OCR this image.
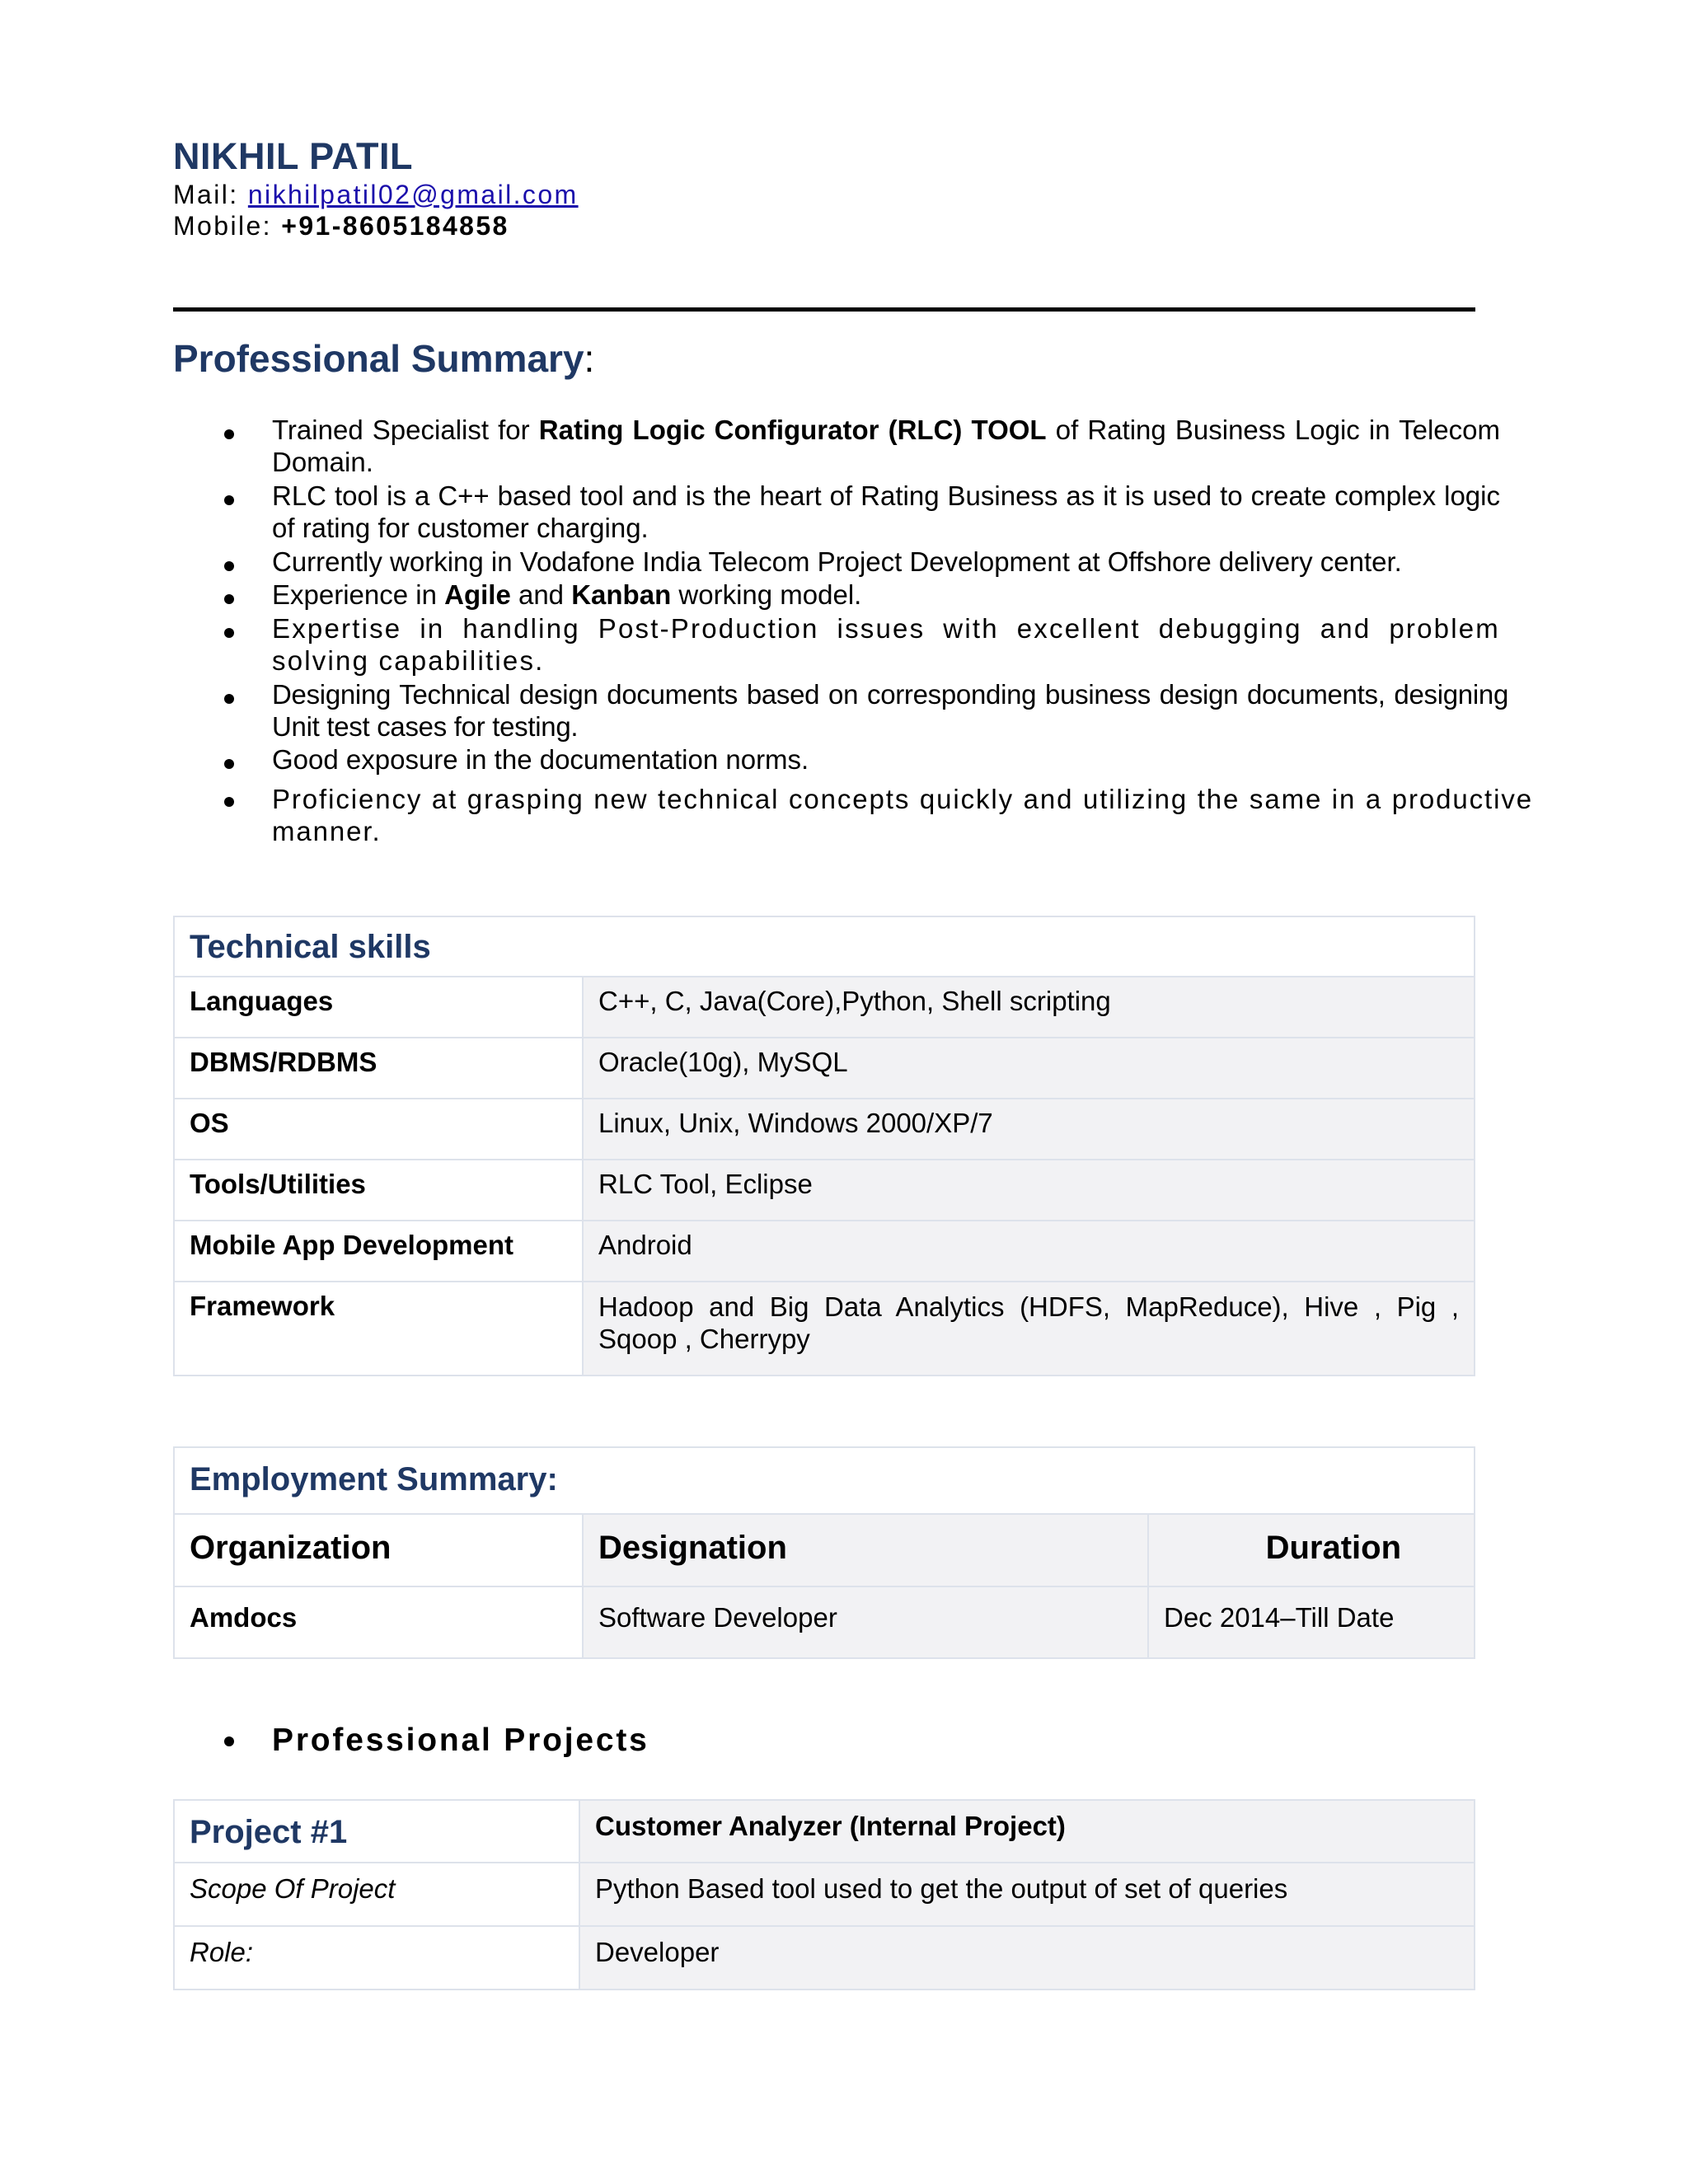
NIKHIL PATIL
Mail: nikhilpatil02@gmail.com
Mobile: +91-8605184858
Professional Summary:
Trained Specialist for Rating Logic Configurator (RLC) TOOL of Rating Business Logic in Telecom Domain.
RLC tool is a C++ based tool and is the heart of Rating Business as it is used to create complex logic of rating for customer charging.
Currently working in Vodafone India Telecom Project Development at Offshore delivery center.
Experience in Agile and Kanban working model.
Expertise in handling Post-Production issues with excellent debugging and problem solving capabilities.
Designing Technical design documents based on corresponding business design documents, designing Unit test cases for testing.
Good exposure in the documentation norms.
Proficiency at grasping new technical concepts quickly and utilizing the same in a productive manner.
Technical skills	
Languages	C++, C, Java(Core),Python, Shell scripting
DBMS/RDBMS	Oracle(10g), MySQL
OS	Linux, Unix, Windows 2000/XP/7
Tools/Utilities	RLC Tool, Eclipse
Mobile App Development	Android
Framework	Hadoop and Big Data Analytics (HDFS, MapReduce), Hive , Pig , Sqoop , Cherrypy
Employment Summary:		
Organization	Designation	Duration
Amdocs	Software Developer	Dec 2014–Till Date
Professional Projects
Project #1	Customer Analyzer (Internal Project)
Scope Of Project	Python Based tool used to get the output of set of queries
Role:	Developer
